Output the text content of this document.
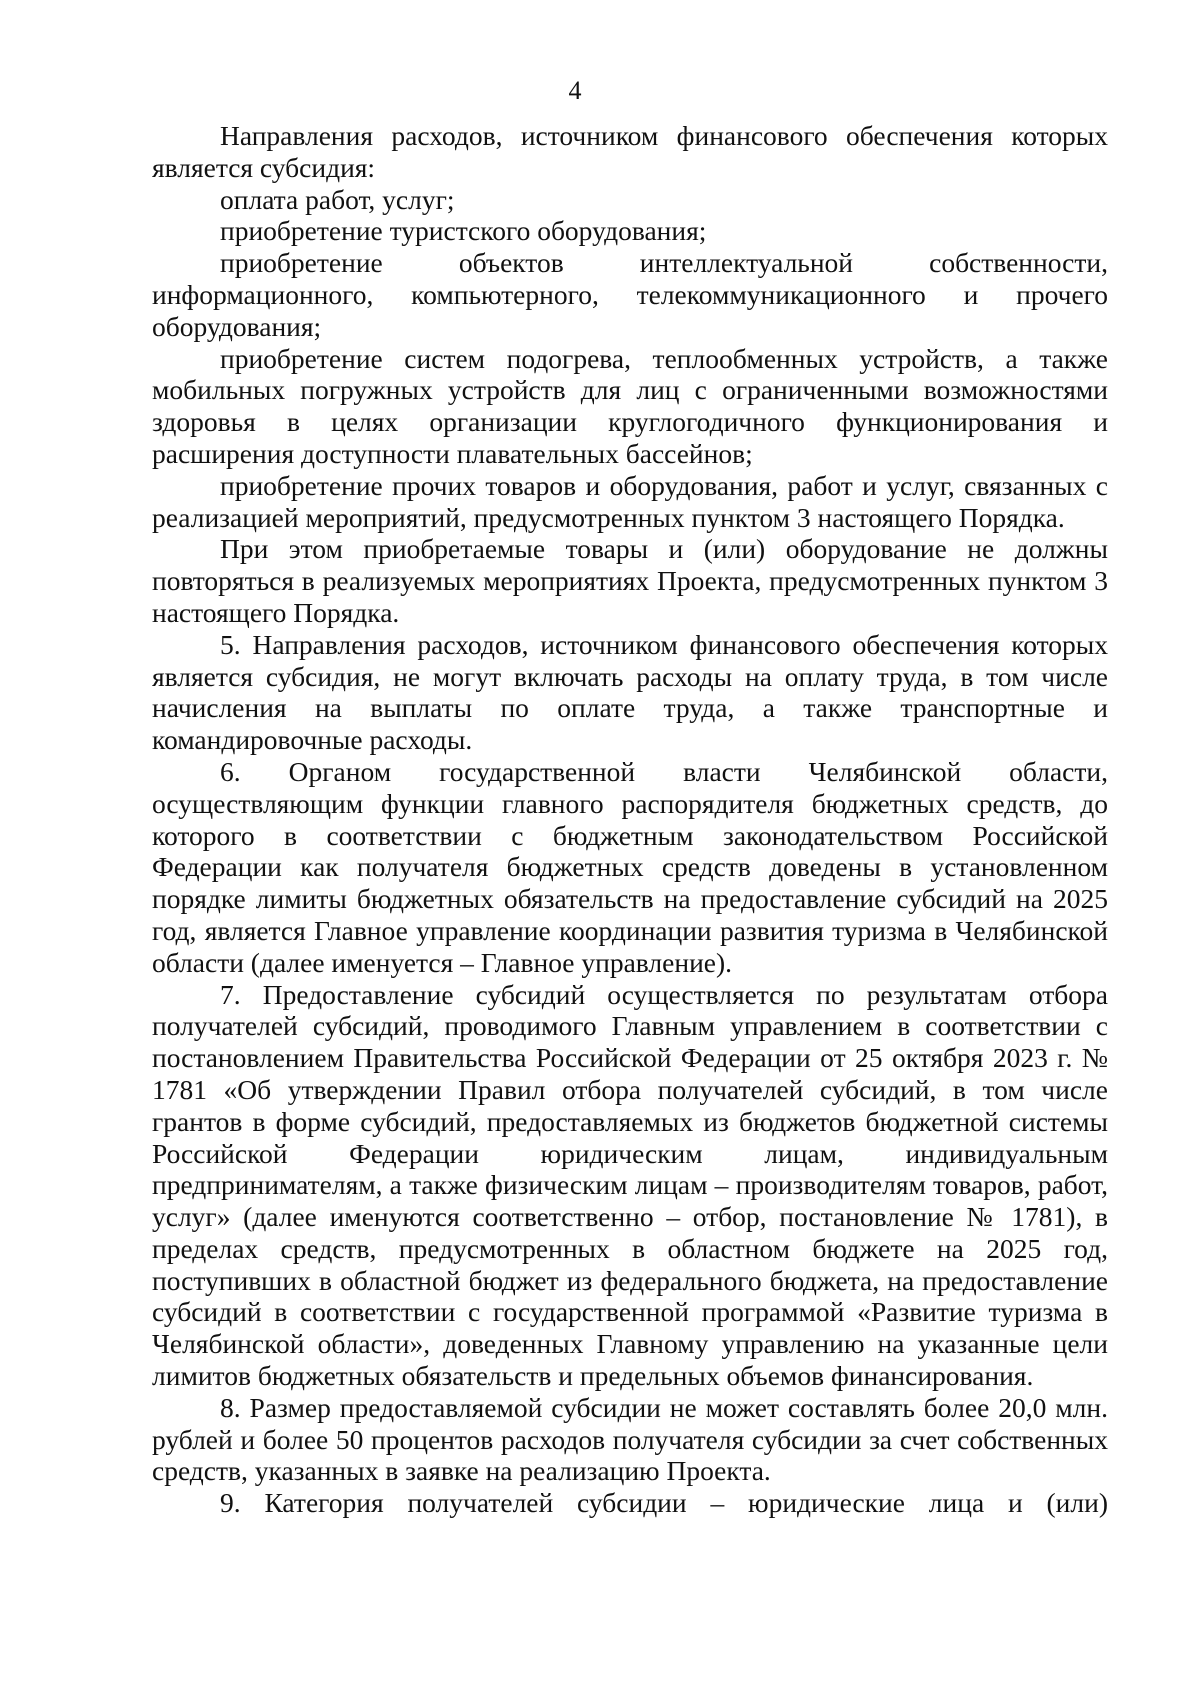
4

Направления расходов, источником финансового обеспечения которых является субсидия:

оплата работ, услуг;

приобретение туристского оборудования;

приобретение объектов интеллектуальной собственности, информационного, компьютерного, телекоммуникационного и прочего оборудования;

приобретение систем подогрева, теплообменных устройств, а также мобильных погружных устройств для лиц с ограниченными возможностями здоровья в целях организации круглогодичного функционирования и расширения доступности плавательных бассейнов;

приобретение прочих товаров и оборудования, работ и услуг, связанных с реализацией мероприятий, предусмотренных пунктом 3 настоящего Порядка.

При этом приобретаемые товары и (или) оборудование не должны повторяться в реализуемых мероприятиях Проекта, предусмотренных пунктом 3 настоящего Порядка.

5. Направления расходов, источником финансового обеспечения которых является субсидия, не могут включать расходы на оплату труда, в том числе начисления на выплаты по оплате труда, а также транспортные и командировочные расходы.

6. Органом государственной власти Челябинской области, осуществляющим функции главного распорядителя бюджетных средств, до которого в соответствии с бюджетным законодательством Российской Федерации как получателя бюджетных средств доведены в установленном порядке лимиты бюджетных обязательств на предоставление субсидий на 2025 год, является Главное управление координации развития туризма в Челябинской области (далее именуется – Главное управление).

7. Предоставление субсидий осуществляется по результатам отбора получателей субсидий, проводимого Главным управлением в соответствии с постановлением Правительства Российской Федерации от 25 октября 2023 г. № 1781 «Об утверждении Правил отбора получателей субсидий, в том числе грантов в форме субсидий, предоставляемых из бюджетов бюджетной системы Российской Федерации юридическим лицам, индивидуальным предпринимателям, а также физическим лицам – производителям товаров, работ, услуг» (далее именуются соответственно – отбор, постановление № 1781), в пределах средств, предусмотренных в областном бюджете на 2025 год, поступивших в областной бюджет из федерального бюджета, на предоставление субсидий в соответствии с государственной программой «Развитие туризма в Челябинской области», доведенных Главному управлению на указанные цели лимитов бюджетных обязательств и предельных объемов финансирования.

8. Размер предоставляемой субсидии не может составлять более 20,0 млн. рублей и более 50 процентов расходов получателя субсидии за счет собственных средств, указанных в заявке на реализацию Проекта.

9. Категория получателей субсидии – юридические лица и (или)
